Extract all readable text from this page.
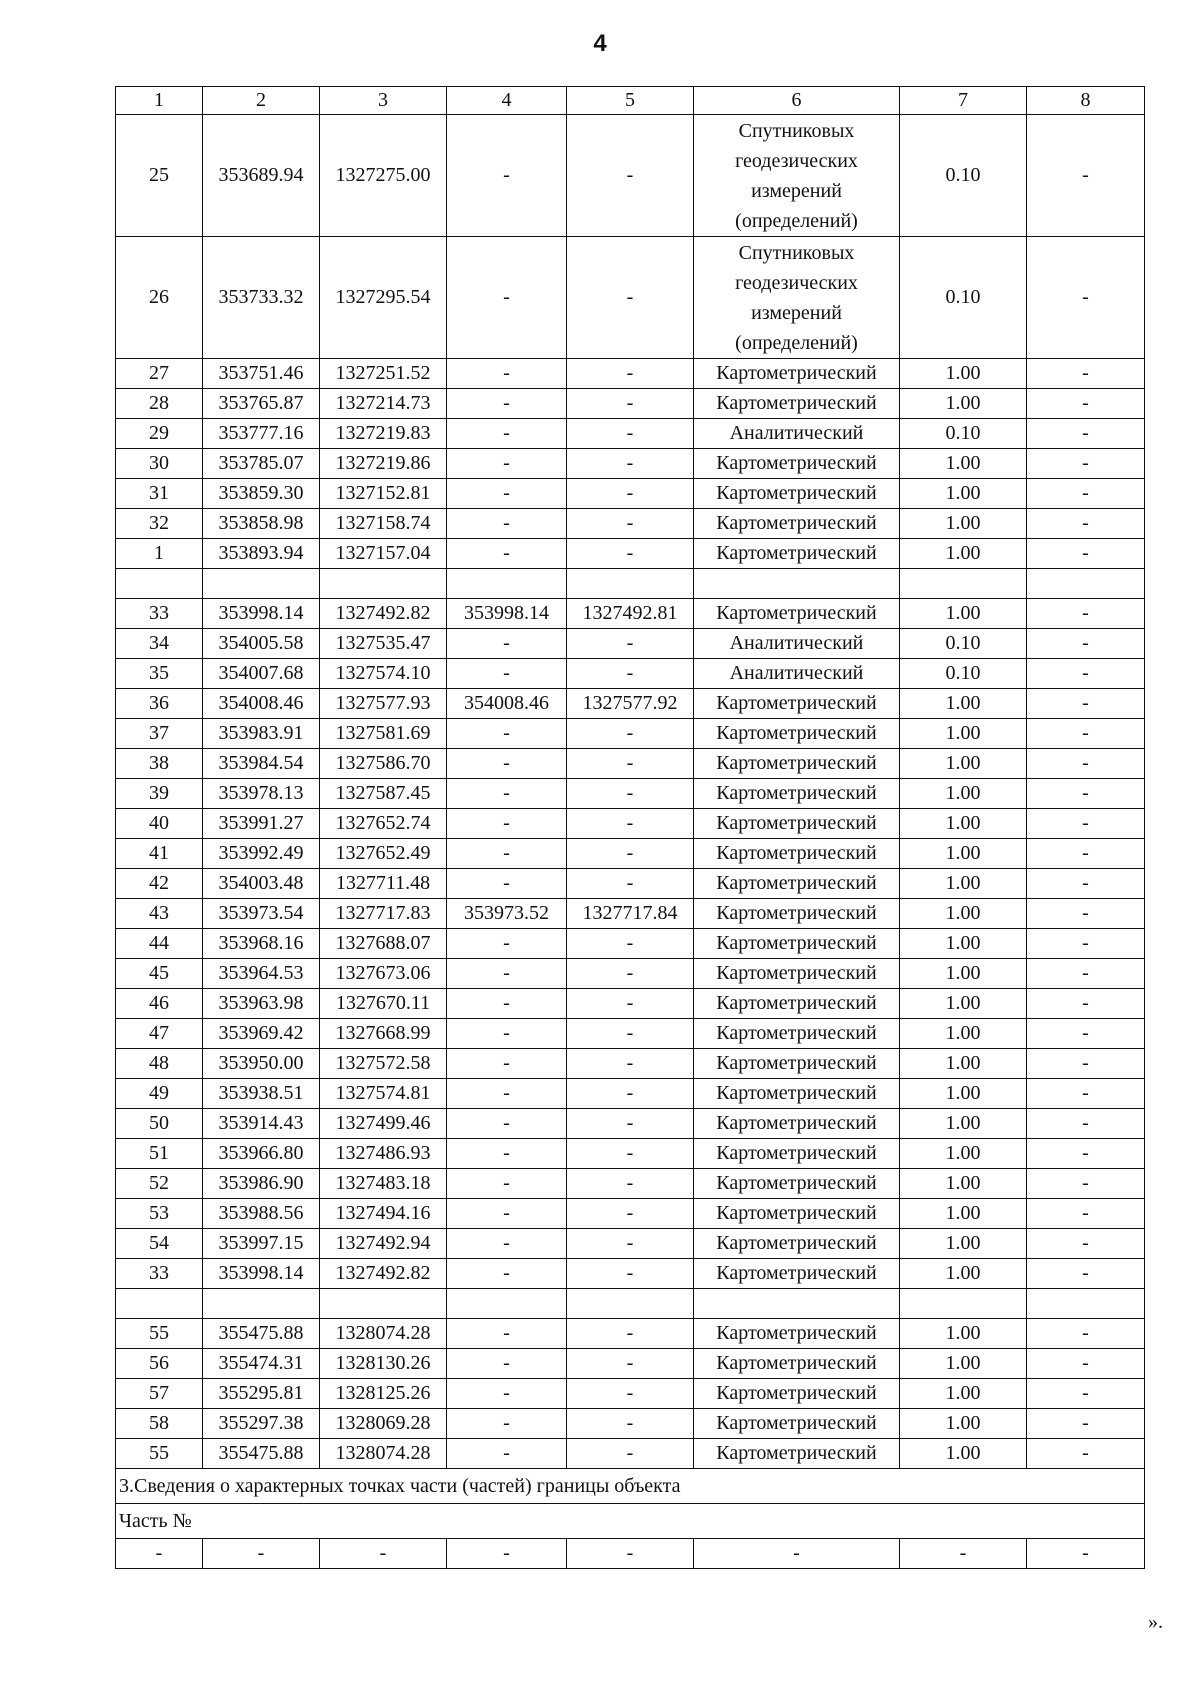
4
1	2	3	4	5	6	7	8
25	353689.94	1327275.00	-	-	Спутниковых геодезических измерений (определений)	0.10	-
26	353733.32	1327295.54	-	-	Спутниковых геодезических измерений (определений)	0.10	-
27	353751.46	1327251.52	-	-	Картометрический	1.00	-
28	353765.87	1327214.73	-	-	Картометрический	1.00	-
29	353777.16	1327219.83	-	-	Аналитический	0.10	-
30	353785.07	1327219.86	-	-	Картометрический	1.00	-
31	353859.30	1327152.81	-	-	Картометрический	1.00	-
32	353858.98	1327158.74	-	-	Картометрический	1.00	-
1	353893.94	1327157.04	-	-	Картометрический	1.00	-

33	353998.14	1327492.82	353998.14	1327492.81	Картометрический	1.00	-
34	354005.58	1327535.47	-	-	Аналитический	0.10	-
35	354007.68	1327574.10	-	-	Аналитический	0.10	-
36	354008.46	1327577.93	354008.46	1327577.92	Картометрический	1.00	-
37	353983.91	1327581.69	-	-	Картометрический	1.00	-
38	353984.54	1327586.70	-	-	Картометрический	1.00	-
39	353978.13	1327587.45	-	-	Картометрический	1.00	-
40	353991.27	1327652.74	-	-	Картометрический	1.00	-
41	353992.49	1327652.49	-	-	Картометрический	1.00	-
42	354003.48	1327711.48	-	-	Картометрический	1.00	-
43	353973.54	1327717.83	353973.52	1327717.84	Картометрический	1.00	-
44	353968.16	1327688.07	-	-	Картометрический	1.00	-
45	353964.53	1327673.06	-	-	Картометрический	1.00	-
46	353963.98	1327670.11	-	-	Картометрический	1.00	-
47	353969.42	1327668.99	-	-	Картометрический	1.00	-
48	353950.00	1327572.58	-	-	Картометрический	1.00	-
49	353938.51	1327574.81	-	-	Картометрический	1.00	-
50	353914.43	1327499.46	-	-	Картометрический	1.00	-
51	353966.80	1327486.93	-	-	Картометрический	1.00	-
52	353986.90	1327483.18	-	-	Картометрический	1.00	-
53	353988.56	1327494.16	-	-	Картометрический	1.00	-
54	353997.15	1327492.94	-	-	Картометрический	1.00	-
33	353998.14	1327492.82	-	-	Картометрический	1.00	-

55	355475.88	1328074.28	-	-	Картометрический	1.00	-
56	355474.31	1328130.26	-	-	Картометрический	1.00	-
57	355295.81	1328125.26	-	-	Картометрический	1.00	-
58	355297.38	1328069.28	-	-	Картометрический	1.00	-
55	355475.88	1328074.28	-	-	Картометрический	1.00	-
3.Сведения о характерных точках части (частей) границы объекта							
Часть №							
-	-	-	-	-	-	-	-
».
